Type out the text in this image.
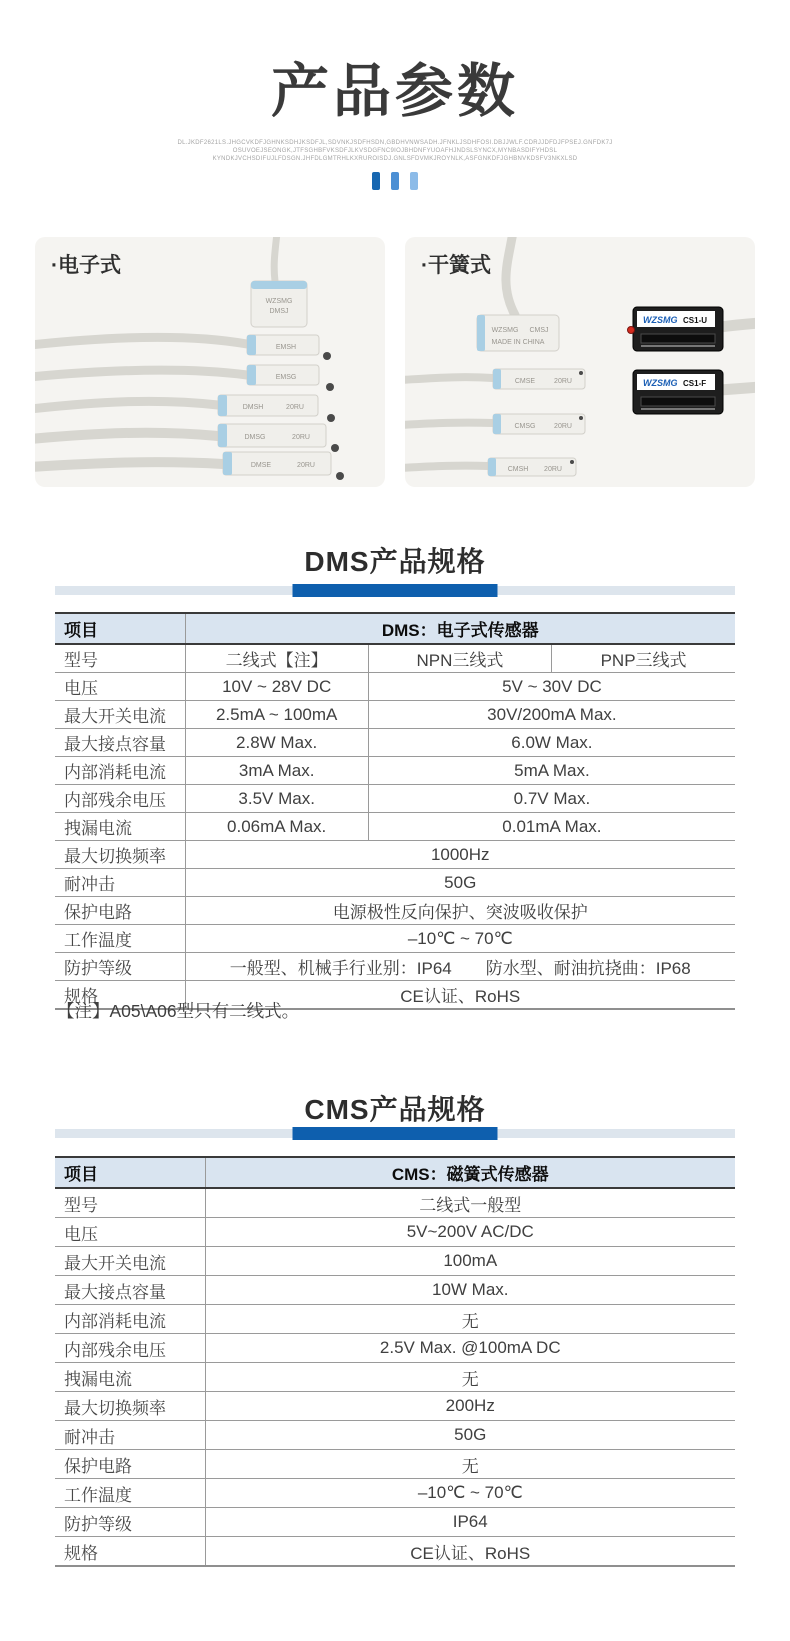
产品参数
DL.JKDF2621LS.JHGCVKDFJGHNKSDHJKSDFJL,SDVNKJSDFHSDN,GBDHVNWSADH.JFNKLJSDHFOSI.DBJJWLF.CDRJJDFDJFPSEJ.GNFDK7J
OSUVOEJSEONGK,JTFSGHBFVKSDFJLKVSDGFNC9IOJBHDNFYUOAFHJNDSLSYNCX,MYNBASDIFYHDSL
KYNDKJVCHSDIFUJLFDSGN.JHFDLGMTRHLKXRUROISDJ.GNLSFDVMKJROYNLK,ASFGNKDFJGHBNVKDSFV3NKXLSD
·电子式
WZSMG
DMSJ
EMSH
EMSG
DMSH	20RU
DMSG	20RU
DMSE	20RU
·干簧式
WZSMG CMSJ
MADE IN CHINA
CMSE	20RU
CMSG	20RU
CMSH 20RU
WZSMG CS1-U
WZSMG CS1-F
DMS产品规格
项目	DMS：电子式传感器		
型号	二线式【注】	NPN三线式	PNP三线式
电压	10V ~ 28V DC	5V ~ 30V DC	
最大开关电流	2.5mA ~ 100mA	30V/200mA Max.	
最大接点容量	2.8W Max.	6.0W Max.	
内部消耗电流	3mA Max.	5mA Max.	
内部残余电压	3.5V Max.	0.7V Max.	
拽漏电流	0.06mA Max.	0.01mA Max.	
最大切换频率	1000Hz		
耐冲击	50G		
保护电路	电源极性反向保护、突波吸收保护		
工作温度	–10℃ ~ 70℃		
防护等级	一般型、机械手行业别：IP64　　防水型、耐油抗挠曲：IP68		
规格	CE认证、RoHS		
【注】A05\A06型只有二线式。
CMS产品规格
项目	CMS：磁簧式传感器
型号	二线式一般型
电压	5V~200V AC/DC
最大开关电流	100mA
最大接点容量	10W Max.
内部消耗电流	无
内部残余电压	2.5V Max. @100mA DC
拽漏电流	无
最大切换频率	200Hz
耐冲击	50G
保护电路	无
工作温度	–10℃ ~ 70℃
防护等级	IP64
规格	CE认证、RoHS
